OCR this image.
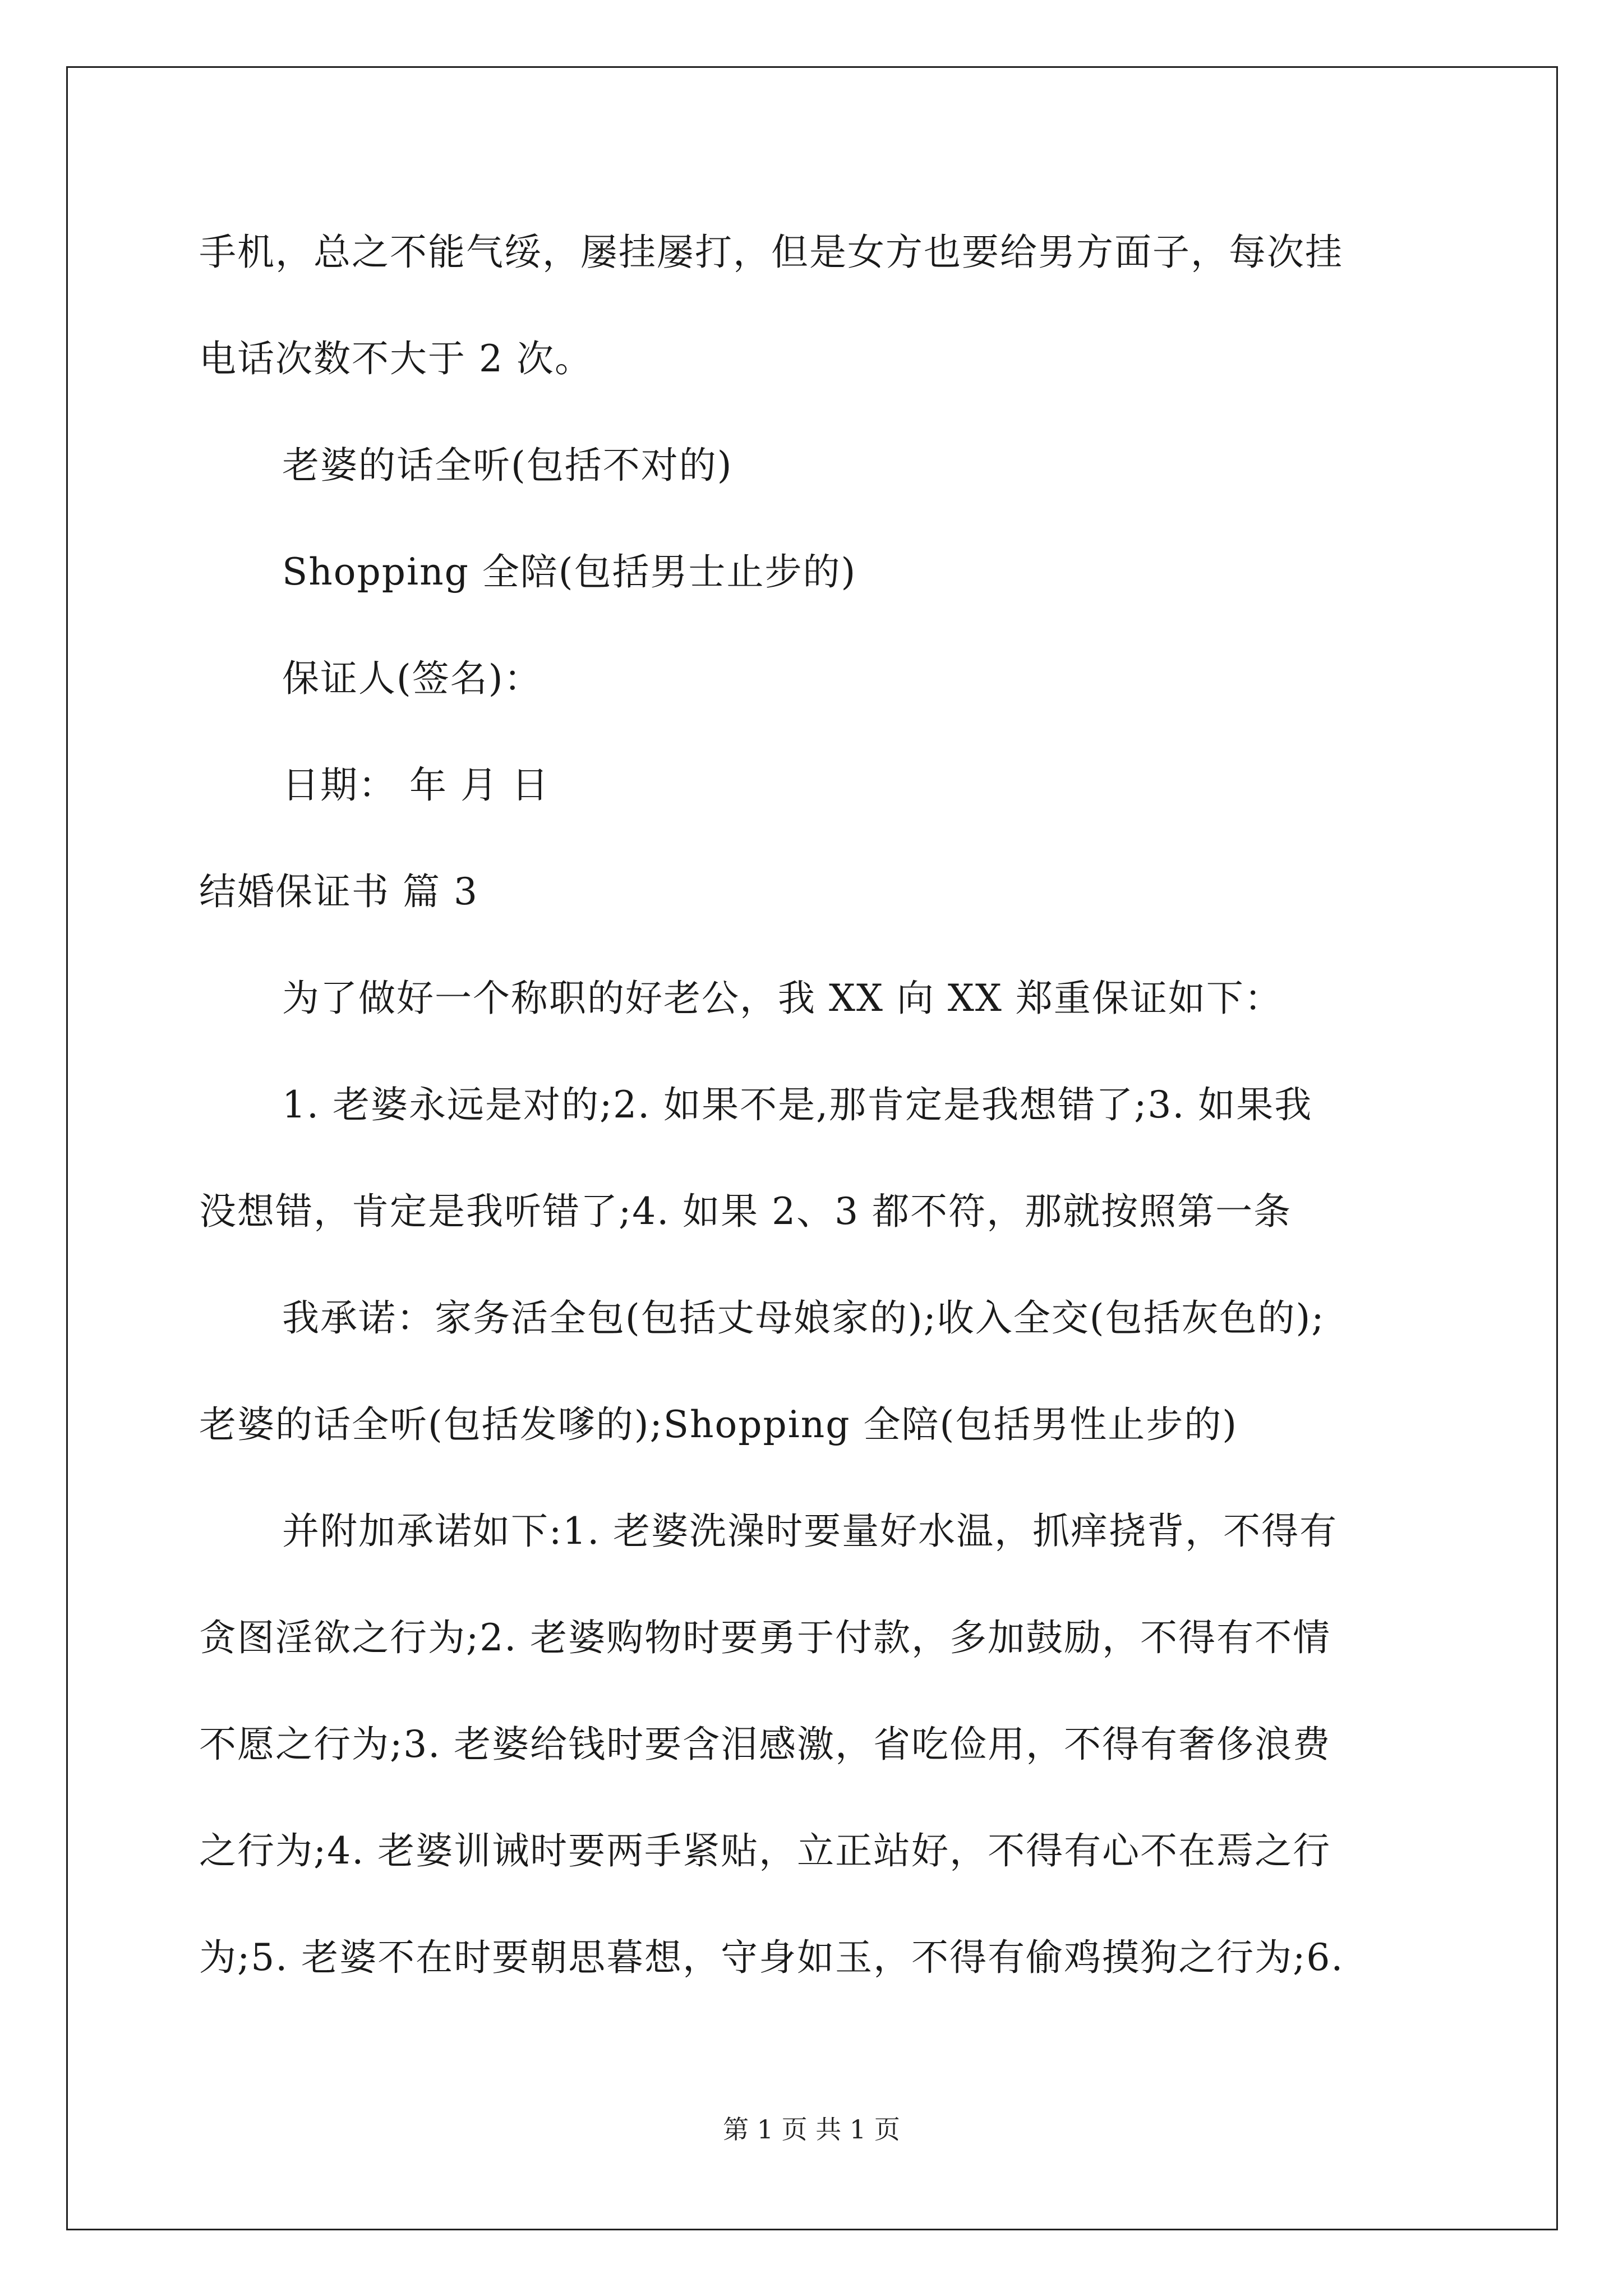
手机，总之不能气绥，屡挂屡打，但是女方也要给男方面子，每次挂
电话次数不大于 2 次。
老婆的话全听(包括不对的)
Shopping 全陪(包括男士止步的)
保证人(签名)：
日期： 年 月 日
结婚保证书 篇 3
为了做好一个称职的好老公，我 XX 向 XX 郑重保证如下：
1. 老婆永远是对的;2. 如果不是,那肯定是我想错了;3. 如果我
没想错，肯定是我听错了;4. 如果 2、3 都不符，那就按照第一条
我承诺：家务活全包(包括丈母娘家的);收入全交(包括灰色的);
老婆的话全听(包括发嗲的);Shopping 全陪(包括男性止步的)
并附加承诺如下:1. 老婆洗澡时要量好水温，抓痒挠背，不得有
贪图淫欲之行为;2. 老婆购物时要勇于付款，多加鼓励，不得有不情
不愿之行为;3. 老婆给钱时要含泪感激，省吃俭用，不得有奢侈浪费
之行为;4. 老婆训诫时要两手紧贴，立正站好，不得有心不在焉之行
为;5. 老婆不在时要朝思暮想，守身如玉，不得有偷鸡摸狗之行为;6.
第 1 页 共 1 页
